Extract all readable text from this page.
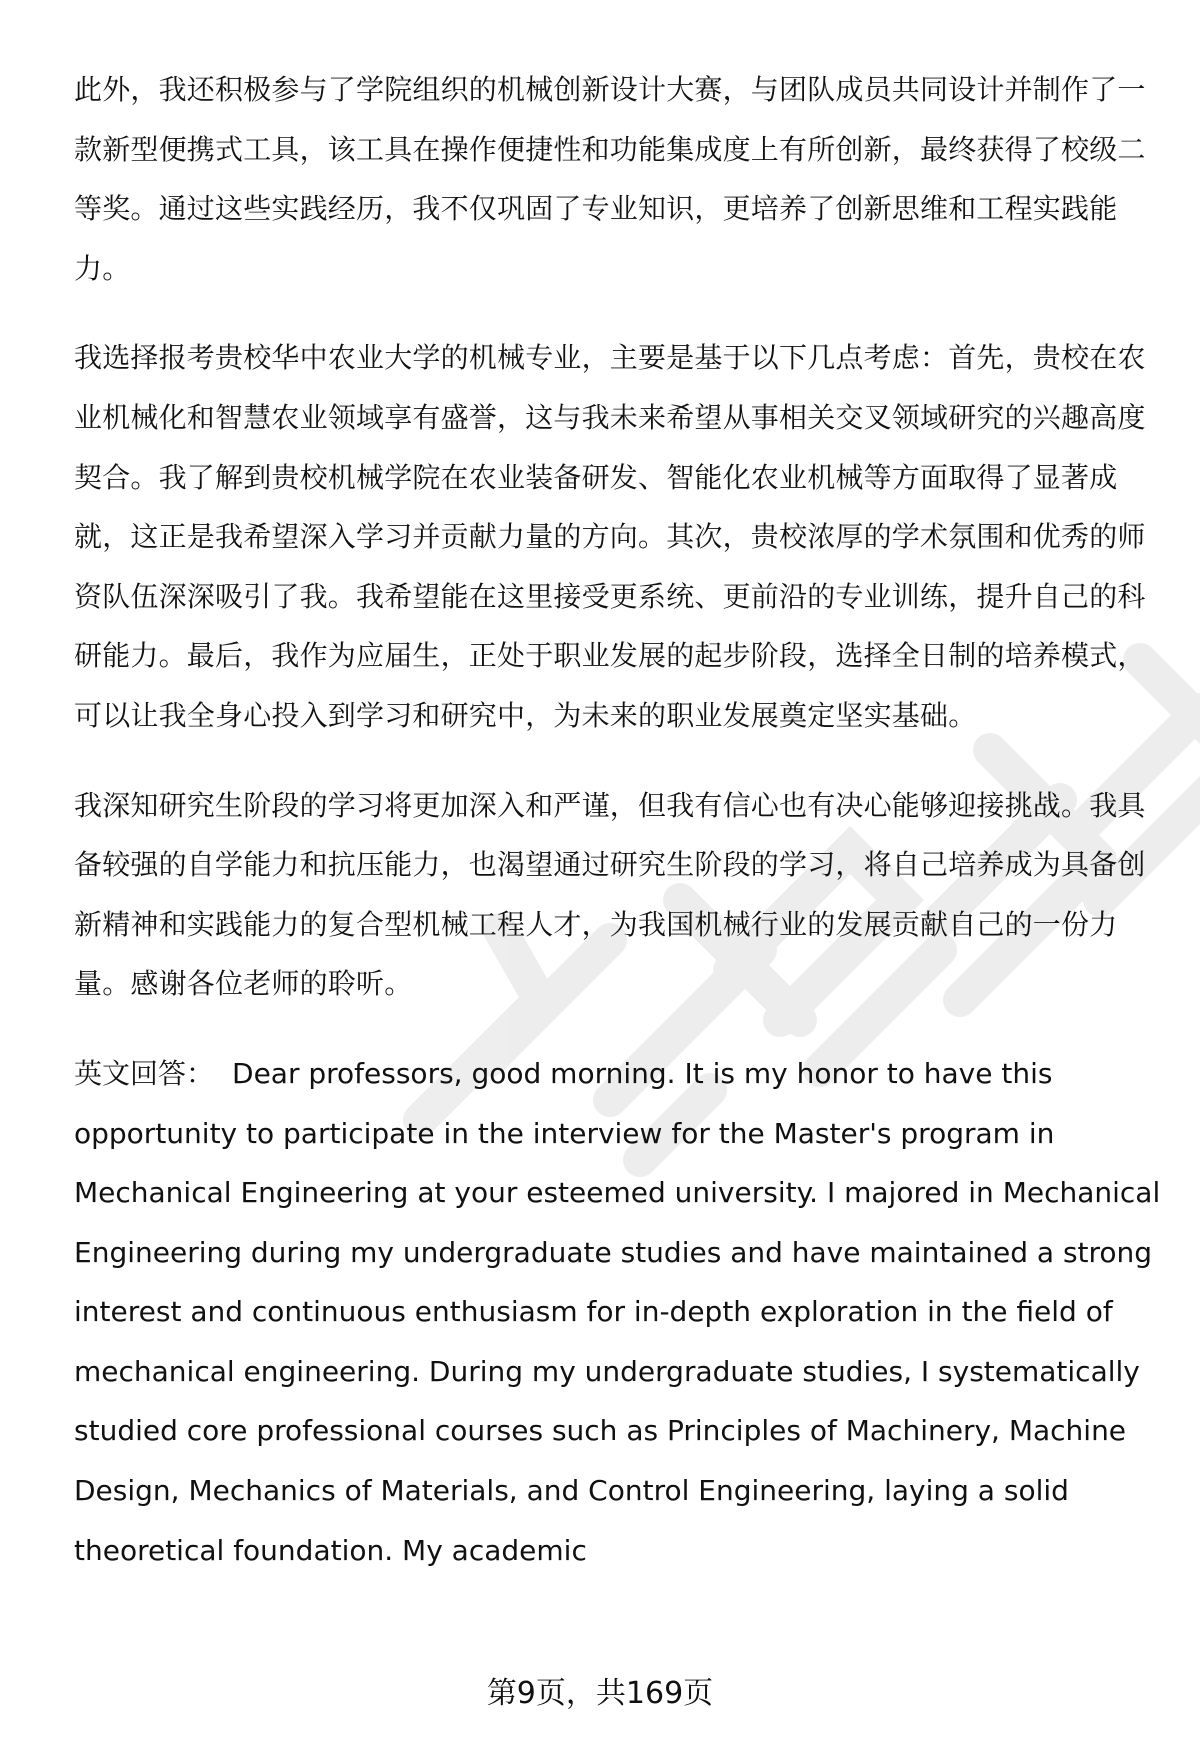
此外，我还积极参与了学院组织的机械创新设计大赛，与团队成员共同设计并制作了一款新型便携式工具，该工具在操作便捷性和功能集成度上有所创新，最终获得了校级二等奖。通过这些实践经历，我不仅巩固了专业知识，更培养了创新思维和工程实践能力。

我选择报考贵校华中农业大学的机械专业，主要是基于以下几点考虑：首先，贵校在农业机械化和智慧农业领域享有盛誉，这与我未来希望从事相关交叉领域研究的兴趣高度契合。我了解到贵校机械学院在农业装备研发、智能化农业机械等方面取得了显著成就，这正是我希望深入学习并贡献力量的方向。其次，贵校浓厚的学术氛围和优秀的师资队伍深深吸引了我。我希望能在这里接受更系统、更前沿的专业训练，提升自己的科研能力。最后，我作为应届生，正处于职业发展的起步阶段，选择全日制的培养模式，可以让我全身心投入到学习和研究中，为未来的职业发展奠定坚实基础。

我深知研究生阶段的学习将更加深入和严谨，但我有信心也有决心能够迎接挑战。我具备较强的自学能力和抗压能力，也渴望通过研究生阶段的学习，将自己培养成为具备创新精神和实践能力的复合型机械工程人才，为我国机械行业的发展贡献自己的一份力量。感谢各位老师的聆听。

英文回答： Dear professors, good morning. It is my honor to have this opportunity to participate in the interview for the Master's program in Mechanical Engineering at your esteemed university. I majored in Mechanical Engineering during my undergraduate studies and have maintained a strong interest and continuous enthusiasm for in-depth exploration in the field of mechanical engineering. During my undergraduate studies, I systematically studied core professional courses such as Principles of Machinery, Machine Design, Mechanics of Materials, and Control Engineering, laying a solid theoretical foundation. My academic

第9页，共169页
